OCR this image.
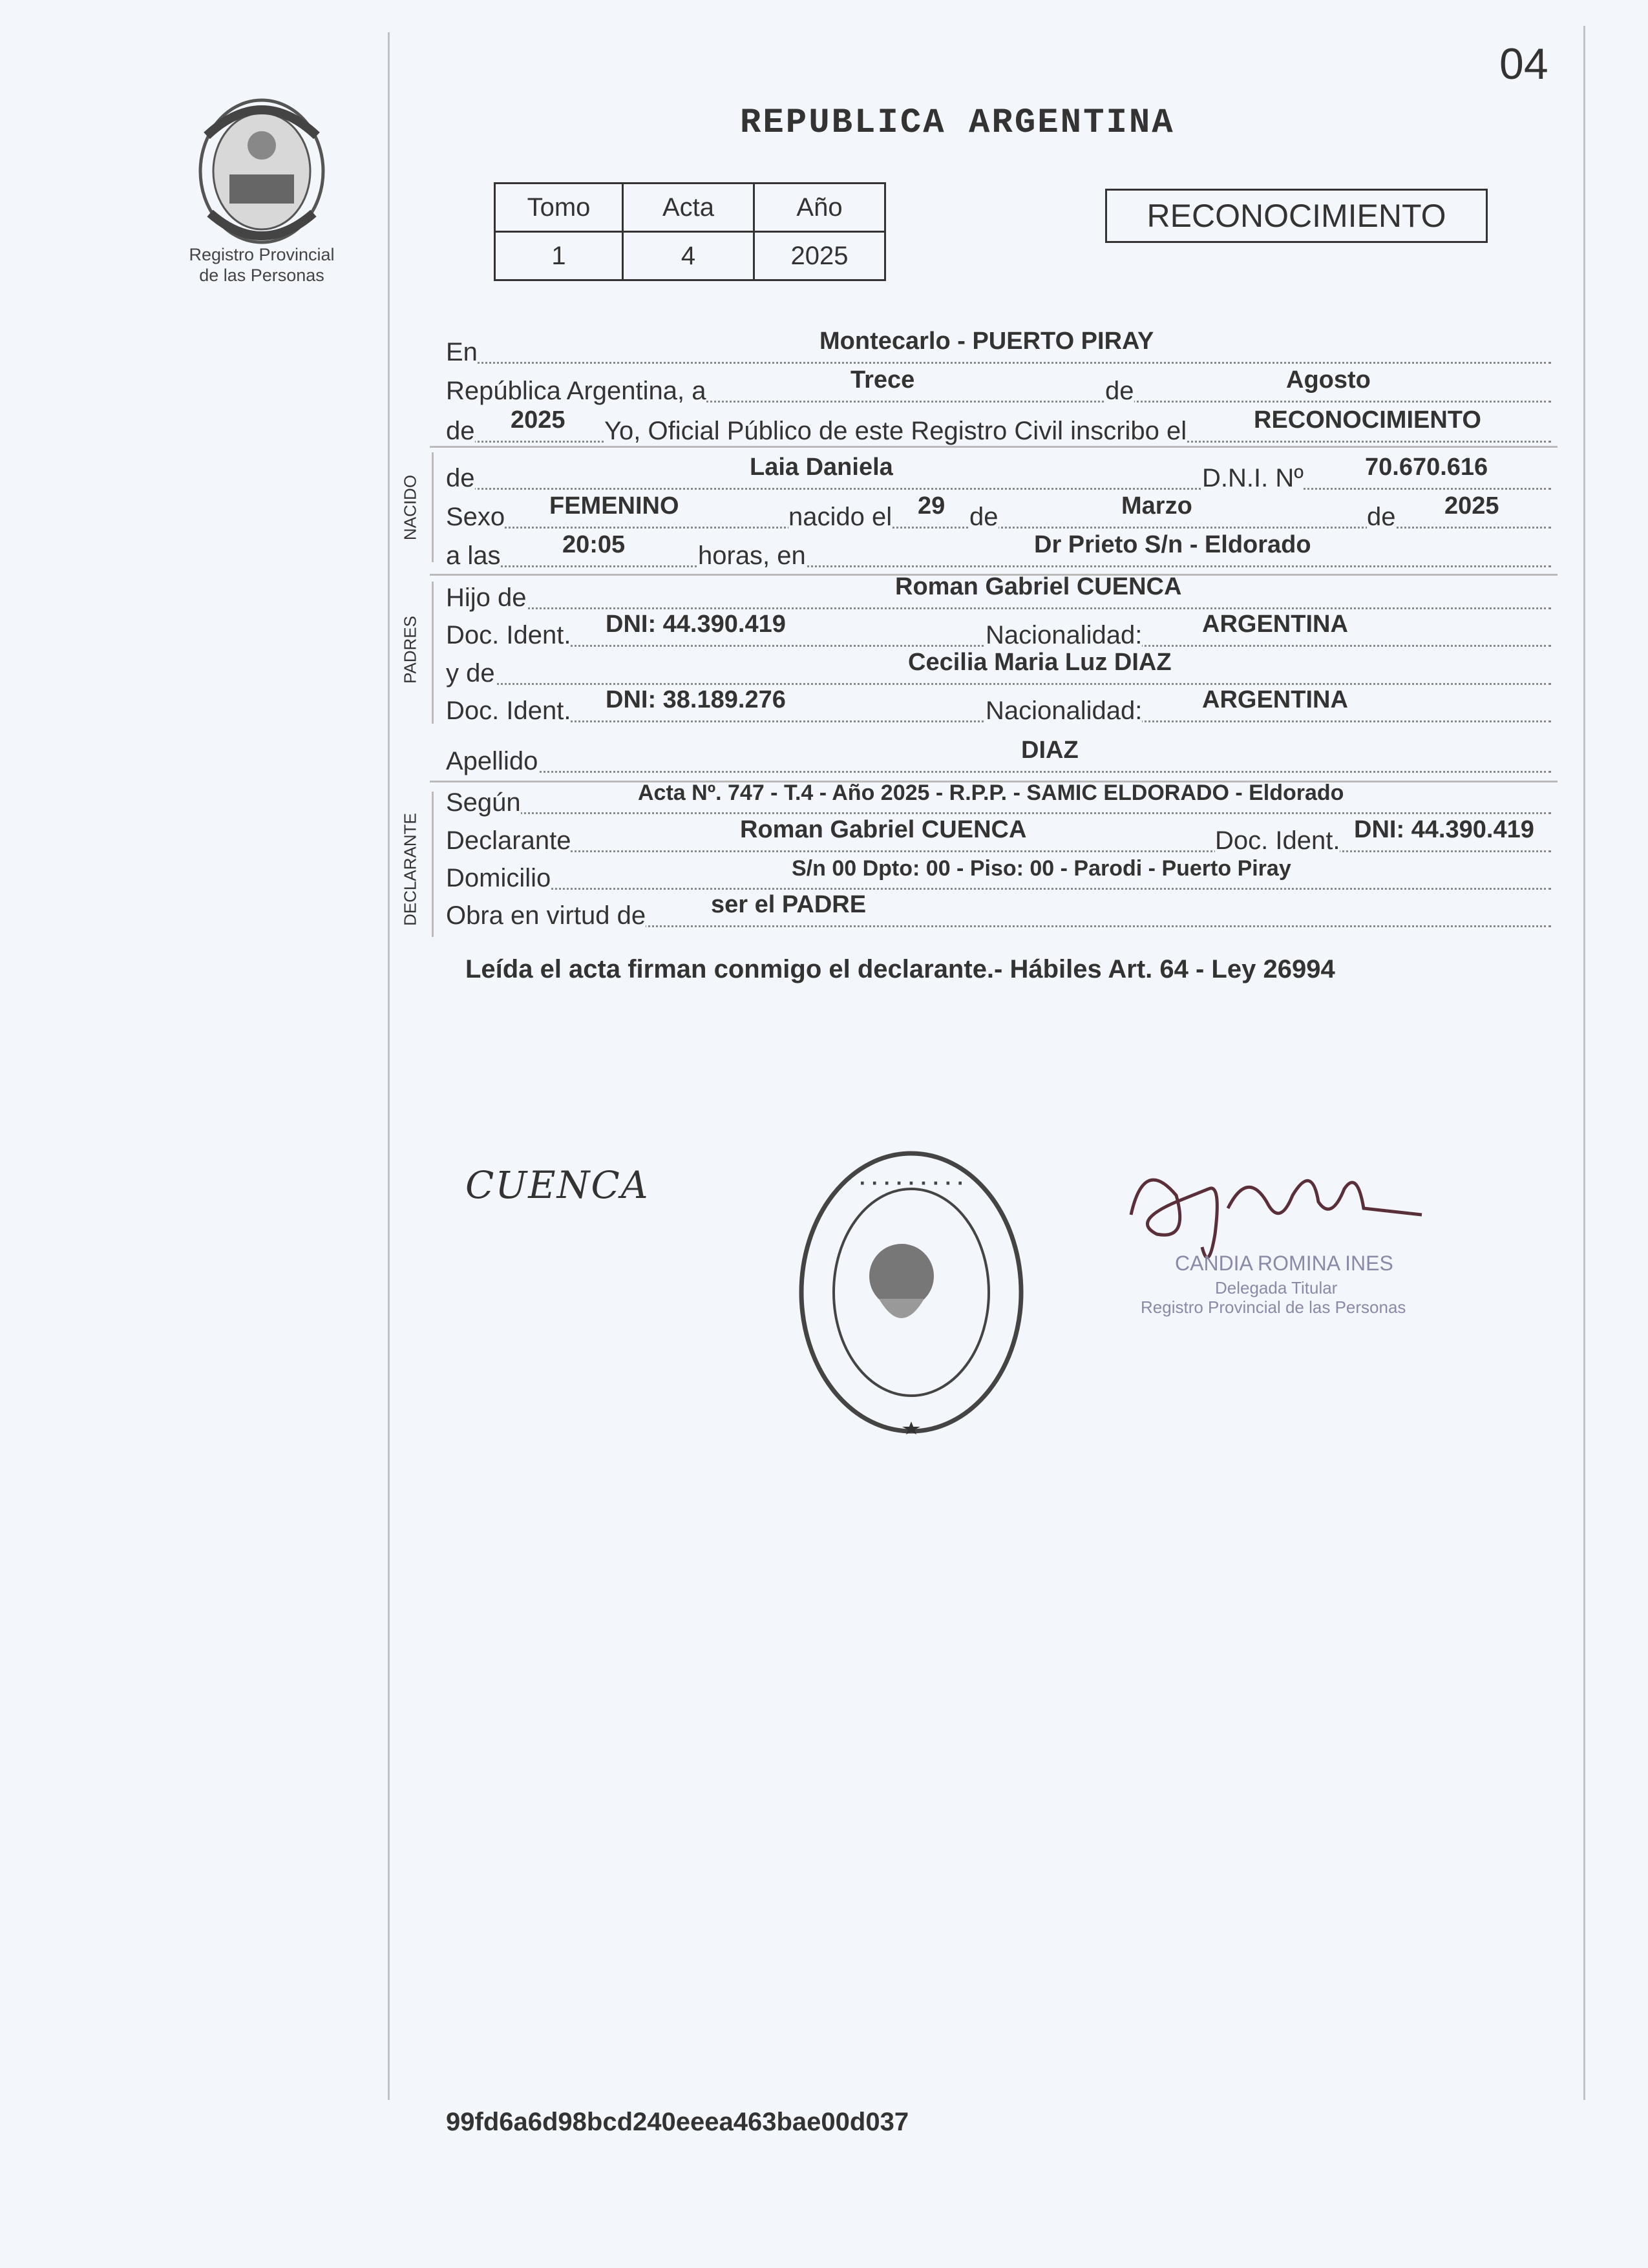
04
Registro Provincial
de las Personas
REPUBLICA ARGENTINA
Tomo	Acta	Año
1	4	2025
RECONOCIMIENTO
En	Montecarlo - PUERTO PIRAY
República Argentina, a	Trece	de	Agosto
de 2025 Yo, Oficial Público de este Registro Civil inscribo el	RECONOCIMIENTO
NACIDO de	Laia Daniela	D.N.I. Nº	70.670.616
Sexo FEMENINO	nacido el 29 de	Marzo	de 2025
a las	20:05	horas, en	Dr Prieto S/n - Eldorado
PADRES
Hijo de	Roman Gabriel CUENCA
Doc. Ident. DNI: 44.390.419	Nacionalidad: ARGENTINA
y de	Cecilia Maria Luz DIAZ
Doc. Ident. DNI: 38.189.276	Nacionalidad: ARGENTINA
Apellido	DIAZ
DECLARANTE
Según	Acta Nº. 747 - T.4 - Año 2025 - R.P.P. - SAMIC ELDORADO - Eldorado
Declarante	Roman Gabriel CUENCA	Doc. Ident. DNI: 44.390.419
Domicilio	S/n 00 Dpto: 00 - Piso: 00 - Parodi - Puerto Piray
Obra en virtud de	ser el PADRE
Leída el acta firman conmigo el declarante.- Hábiles Art. 64 - Ley 26994
CUENCA	· · · · · · · · ·
CANDIA ROMINA INES
Delegada Titular
Registro Provincial de las Personas
99fd6a6d98bcd240eeea463bae00d037
